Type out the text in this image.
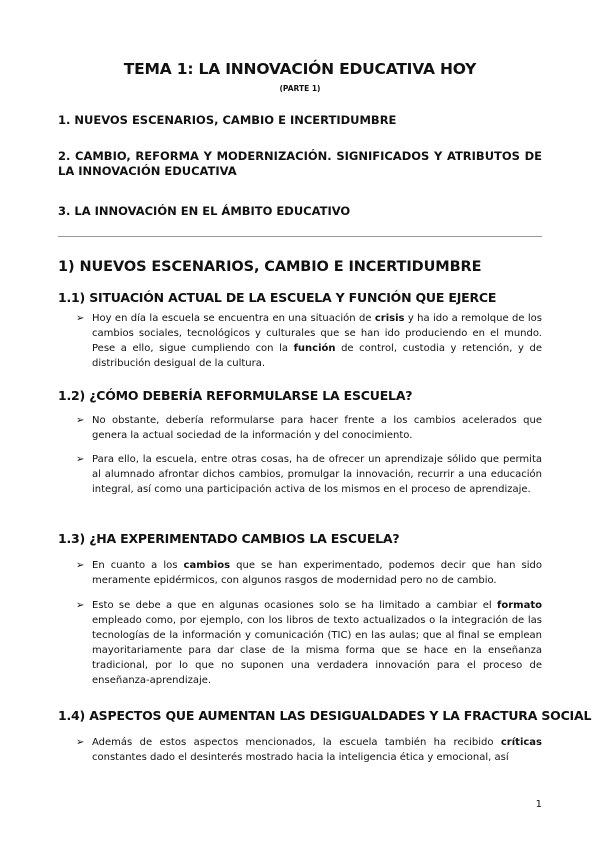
TEMA 1: LA INNOVACIÓN EDUCATIVA HOY

(PARTE 1)

1. NUEVOS ESCENARIOS, CAMBIO E INCERTIDUMBRE

2. CAMBIO, REFORMA Y MODERNIZACIÓN. SIGNIFICADOS Y ATRIBUTOS DE LA INNOVACIÓN EDUCATIVA

3. LA INNOVACIÓN EN EL ÁMBITO EDUCATIVO

1) NUEVOS ESCENARIOS, CAMBIO E INCERTIDUMBRE
1.1) SITUACIÓN ACTUAL DE LA ESCUELA Y FUNCIÓN QUE EJERCE
➢ Hoy en día la escuela se encuentra en una situación de crisis y ha ido a remolque de los cambios sociales, tecnológicos y culturales que se han ido produciendo en el mundo. Pese a ello, sigue cumpliendo con la función de control, custodia y retención, y de distribución desigual de la cultura.

1.2) ¿CÓMO DEBERÍA REFORMULARSE LA ESCUELA?
➢ No obstante, debería reformularse para hacer frente a los cambios acelerados que genera la actual sociedad de la información y del conocimiento.

➢ Para ello, la escuela, entre otras cosas, ha de ofrecer un aprendizaje sólido que permita al alumnado afrontar dichos cambios, promulgar la innovación, recurrir a una educación integral, así como una participación activa de los mismos en el proceso de aprendizaje.

1.3) ¿HA EXPERIMENTADO CAMBIOS LA ESCUELA?
➢ En cuanto a los cambios que se han experimentado, podemos decir que han sido meramente epidérmicos, con algunos rasgos de modernidad pero no de cambio.

➢ Esto se debe a que en algunas ocasiones solo se ha limitado a cambiar el formato empleado como, por ejemplo, con los libros de texto actualizados o la integración de las tecnologías de la información y comunicación (TIC) en las aulas; que al final se emplean mayoritariamente para dar clase de la misma forma que se hace en la enseñanza tradicional, por lo que no suponen una verdadera innovación para el proceso de enseñanza-aprendizaje.

1.4) ASPECTOS QUE AUMENTAN LAS DESIGUALDADES Y LA FRACTURA SOCIAL
➢ Además de estos aspectos mencionados, la escuela también ha recibido críticas constantes dado el desinterés mostrado hacia la inteligencia ética y emocional, así

1
